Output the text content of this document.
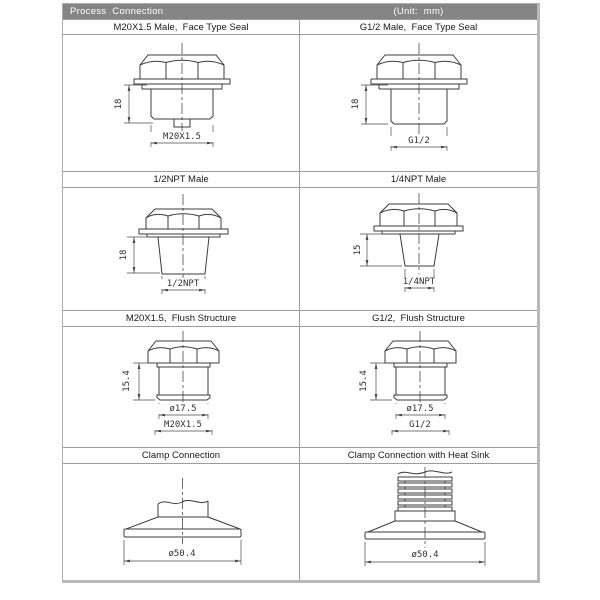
Process  Connection	(Unit:  mm)
M20X1.5 Male,  Face Type Seal	G1/2 Male,  Face Type Seal
18
M20X1.5
18
G1/2
1/2NPT Male	1/4NPT Male
18
1/2NPT
15
1/4NPT
M20X1.5,  Flush Structure	G1/2,  Flush Structure
15.4
ø17.5
M20X1.5
15.4
ø17.5
G1/2
Clamp Connection	Clamp Connection with Heat Sink
ø50.4	ø50.4
